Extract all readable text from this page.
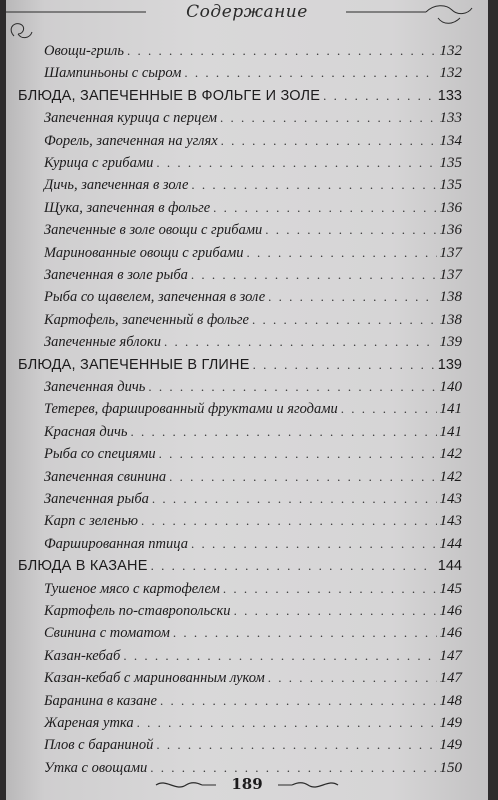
Содержание
Овощи-гриль . . .	132
Шампиньоны с сыром . . .	132
БЛЮДА, ЗАПЕЧЕННЫЕ В ФОЛЬГЕ И ЗОЛЕ . . .	133
Запеченная курица с перцем . . .	133
Форель, запеченная на углях . . .	134
Курица с грибами . . .	135
Дичь, запеченная в золе . . .	135
Щука, запеченная в фольге . . .	136
Запеченные в золе овощи с грибами . . .	136
Маринованные овощи с грибами . . .	137
Запеченная в золе рыба . . .	137
Рыба со щавелем, запеченная в золе . . .	138
Картофель, запеченный в фольге . . .	138
Запеченные яблоки . . .	139
БЛЮДА, ЗАПЕЧЕННЫЕ В ГЛИНЕ . . .	139
Запеченная дичь . . .	140
Тетерев, фаршированный фруктами и ягодами . . .	141
Красная дичь . . .	141
Рыба со специями . . .	142
Запеченная свинина . . .	142
Запеченная рыба . . .	143
Карп с зеленью . . .	143
Фаршированная птица . . .	144
БЛЮДА В КАЗАНЕ . . .	144
Тушеное мясо с картофелем . . .	145
Картофель по-ставропольски . . .	146
Свинина с томатом . . .	146
Казан-кебаб . . .	147
Казан-кебаб с маринованным луком . . .	147
Баранина в казане . . .	148
Жареная утка . . .	149
Плов с бараниной . . .	149
Утка с овощами . . .	150
189
